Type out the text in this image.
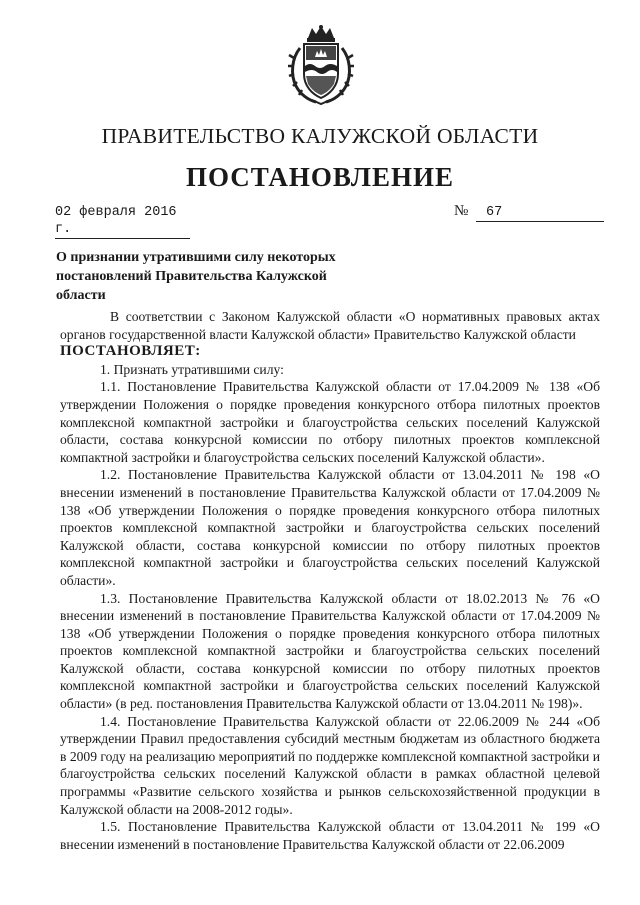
ПРАВИТЕЛЬСТВО КАЛУЖСКОЙ ОБЛАСТИ
ПОСТАНОВЛЕНИЕ
02 февраля 2016 г.
№	67
О признании утратившими силу некоторых
постановлений Правительства Калужской
области

В соответствии с Законом Калужской области «О нормативных правовых актах органов государственной власти Калужской области» Правительство Калужской области

ПОСТАНОВЛЯЕТ:

1. Признать утратившими силу:

1.1. Постановление Правительства Калужской области от 17.04.2009 № 138 «Об утверждении Положения о порядке проведения конкурсного отбора пилотных проектов комплексной компактной застройки и благоустройства сельских поселений Калужской области, состава конкурсной комиссии по отбору пилотных проектов комплексной компактной застройки и благоустройства сельских поселений Калужской области».

1.2. Постановление Правительства Калужской области от 13.04.2011 № 198 «О внесении изменений в постановление Правительства Калужской области от 17.04.2009 № 138 «Об утверждении Положения о порядке проведения конкурсного отбора пилотных проектов комплексной компактной застройки и благоустройства сельских поселений Калужской области, состава конкурсной комиссии по отбору пилотных проектов комплексной компактной застройки и благоустройства сельских поселений Калужской области».

1.3. Постановление Правительства Калужской области от 18.02.2013 № 76 «О внесении изменений в постановление Правительства Калужской области от 17.04.2009 № 138 «Об утверждении Положения о порядке проведения конкурсного отбора пилотных проектов комплексной компактной застройки и благоустройства сельских поселений Калужской области, состава конкурсной комиссии по отбору пилотных проектов комплексной компактной застройки и благоустройства сельских поселений Калужской области» (в ред. постановления Правительства Калужской области от 13.04.2011 № 198)».

1.4. Постановление Правительства Калужской области от 22.06.2009 № 244 «Об утверждении Правил предоставления субсидий местным бюджетам из областного бюджета в 2009 году на реализацию мероприятий по поддержке комплексной компактной застройки и благоустройства сельских поселений Калужской области в рамках областной целевой программы «Развитие сельского хозяйства и рынков сельскохозяйственной продукции в Калужской области на 2008-2012 годы».

1.5. Постановление Правительства Калужской области от 13.04.2011 № 199 «О внесении изменений в постановление Правительства Калужской области от 22.06.2009
